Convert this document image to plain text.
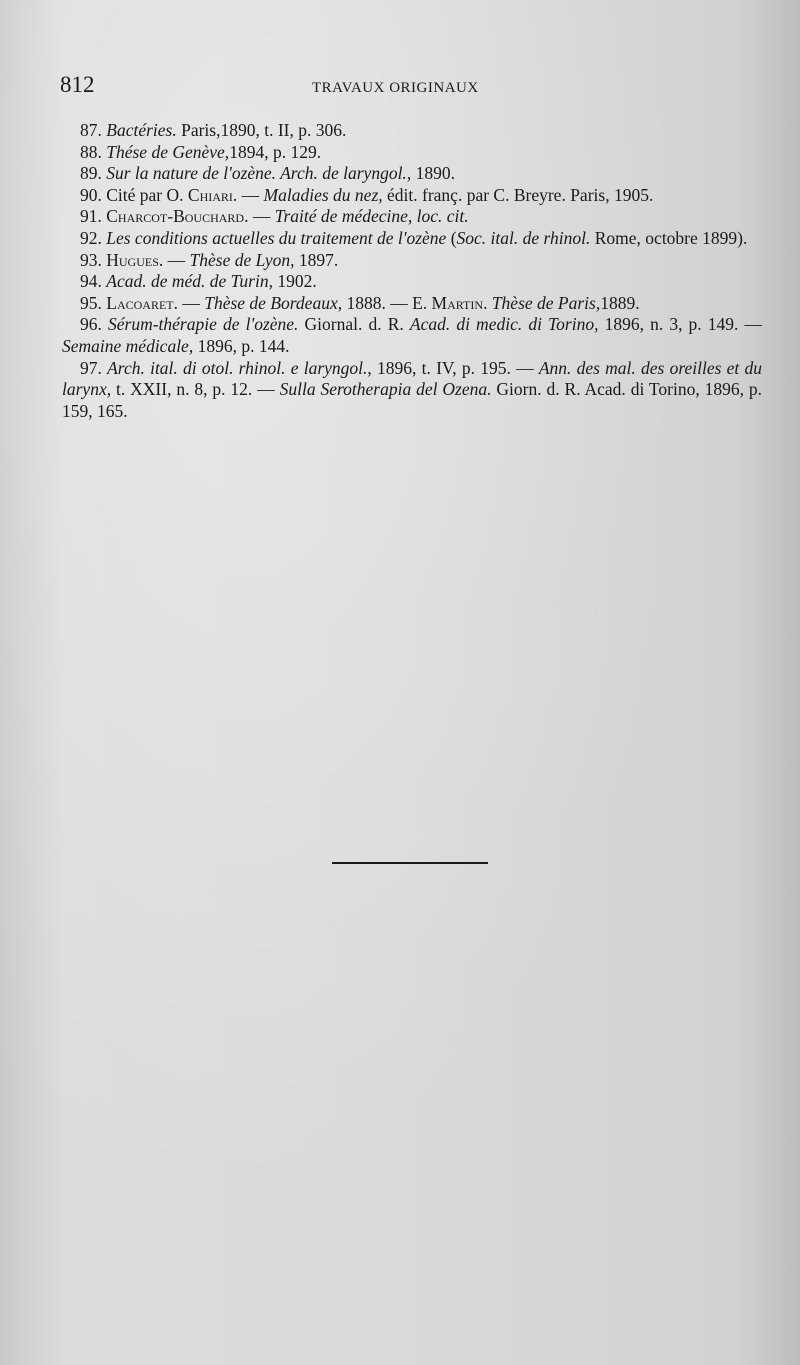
812	TRAVAUX ORIGINAUX
87. Bactéries. Paris,1890, t. II, p. 306.
88. Thése de Genève,1894, p. 129.
89. Sur la nature de l'ozène. Arch. de laryngol., 1890.
90. Cité par O. Chiari. — Maladies du nez, édit. franç. par C. Breyre. Paris, 1905.
91. Charcot-Bouchard. — Traité de médecine, loc. cit.
92. Les conditions actuelles du traitement de l'ozène (Soc. ital. de rhinol. Rome, octobre 1899).
93. Hugues. — Thèse de Lyon, 1897.
94. Acad. de méd. de Turin, 1902.
95. Lacoaret. — Thèse de Bordeaux, 1888. — E. Martin. Thèse de Paris,1889.
96. Sérum-thérapie de l'ozène. Giornal. d. R. Acad. di medic. di Torino, 1896, n. 3, p. 149. — Semaine médicale, 1896, p. 144.
97. Arch. ital. di otol. rhinol. e laryngol., 1896, t. IV, p. 195. — Ann. des mal. des oreilles et du larynx, t. XXII, n. 8, p. 12. — Sulla Serotherapia del Ozena. Giorn. d. R. Acad. di Torino, 1896, p. 159, 165.
